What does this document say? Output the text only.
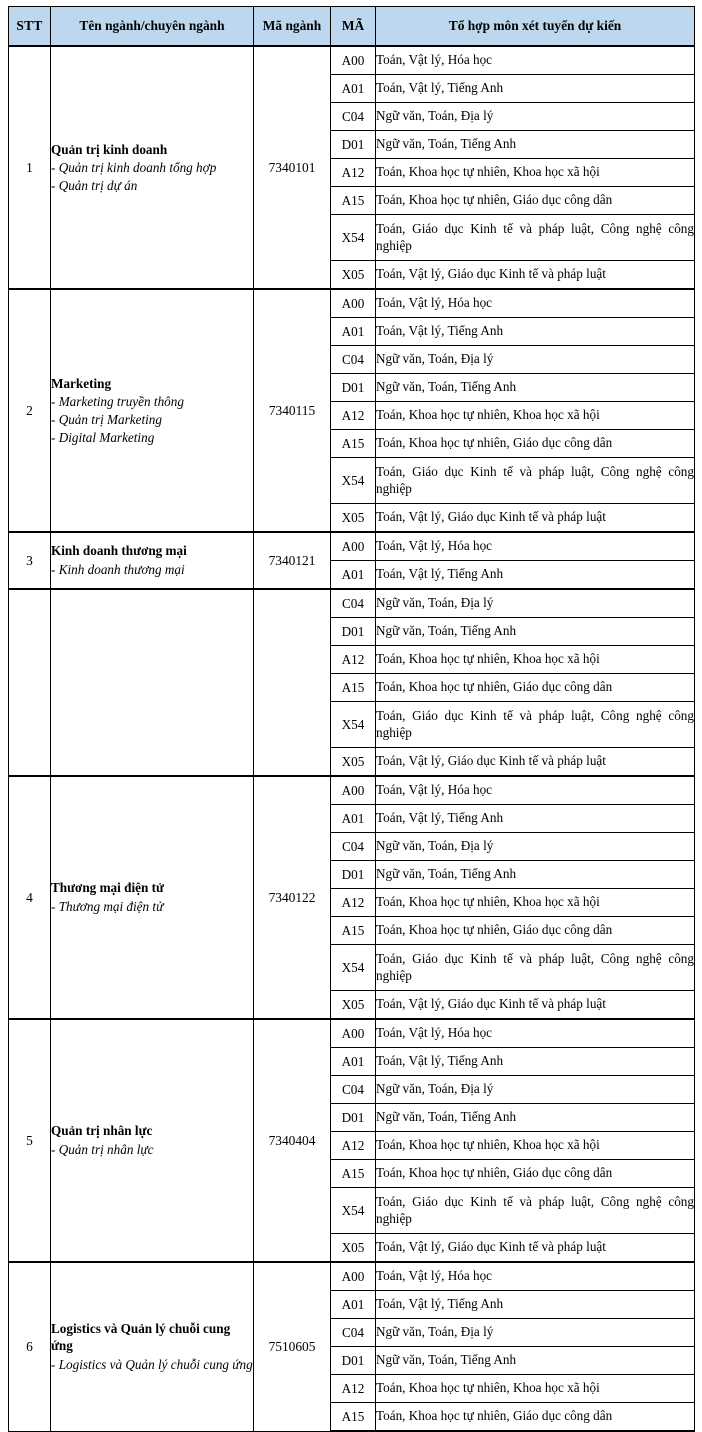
STT	Tên ngành/chuyên ngành	Mã ngành	MÃ	Tổ hợp môn xét tuyển dự kiến
1	Quản trị kinh doanh
- Quản trị kinh doanh tổng hợp
- Quản trị dự án	7340101	A00	Toán, Vật lý, Hóa học
			A01	Toán, Vật lý, Tiếng Anh
			C04	Ngữ văn, Toán, Địa lý
			D01	Ngữ văn, Toán, Tiếng Anh
			A12	Toán, Khoa học tự nhiên, Khoa học xã hội
			A15	Toán, Khoa học tự nhiên, Giáo dục công dân
			X54	Toán, Giáo dục Kinh tế và pháp luật, Công nghệ công nghiệp
			X05	Toán, Vật lý, Giáo dục Kinh tế và pháp luật
2	Marketing
- Marketing truyền thông
- Quản trị Marketing
- Digital Marketing	7340115	A00	Toán, Vật lý, Hóa học
			A01	Toán, Vật lý, Tiếng Anh
			C04	Ngữ văn, Toán, Địa lý
			D01	Ngữ văn, Toán, Tiếng Anh
			A12	Toán, Khoa học tự nhiên, Khoa học xã hội
			A15	Toán, Khoa học tự nhiên, Giáo dục công dân
			X54	Toán, Giáo dục Kinh tế và pháp luật, Công nghệ công nghiệp
			X05	Toán, Vật lý, Giáo dục Kinh tế và pháp luật
3	Kinh doanh thương mại
- Kinh doanh thương mại	7340121	A00	Toán, Vật lý, Hóa học
			A01	Toán, Vật lý, Tiếng Anh
			C04	Ngữ văn, Toán, Địa lý
			D01	Ngữ văn, Toán, Tiếng Anh
			A12	Toán, Khoa học tự nhiên, Khoa học xã hội
			A15	Toán, Khoa học tự nhiên, Giáo dục công dân
			X54	Toán, Giáo dục Kinh tế và pháp luật, Công nghệ công nghiệp
			X05	Toán, Vật lý, Giáo dục Kinh tế và pháp luật
4	Thương mại điện tử
- Thương mại điện tử	7340122	A00	Toán, Vật lý, Hóa học
			A01	Toán, Vật lý, Tiếng Anh
			C04	Ngữ văn, Toán, Địa lý
			D01	Ngữ văn, Toán, Tiếng Anh
			A12	Toán, Khoa học tự nhiên, Khoa học xã hội
			A15	Toán, Khoa học tự nhiên, Giáo dục công dân
			X54	Toán, Giáo dục Kinh tế và pháp luật, Công nghệ công nghiệp
			X05	Toán, Vật lý, Giáo dục Kinh tế và pháp luật
5	Quản trị nhân lực
- Quản trị nhân lực	7340404	A00	Toán, Vật lý, Hóa học
			A01	Toán, Vật lý, Tiếng Anh
			C04	Ngữ văn, Toán, Địa lý
			D01	Ngữ văn, Toán, Tiếng Anh
			A12	Toán, Khoa học tự nhiên, Khoa học xã hội
			A15	Toán, Khoa học tự nhiên, Giáo dục công dân
			X54	Toán, Giáo dục Kinh tế và pháp luật, Công nghệ công nghiệp
			X05	Toán, Vật lý, Giáo dục Kinh tế và pháp luật
6	Logistics và Quản lý chuỗi cung ứng
- Logistics và Quản lý chuỗi cung ứng	7510605	A00	Toán, Vật lý, Hóa học
			A01	Toán, Vật lý, Tiếng Anh
			C04	Ngữ văn, Toán, Địa lý
			D01	Ngữ văn, Toán, Tiếng Anh
			A12	Toán, Khoa học tự nhiên, Khoa học xã hội
			A15	Toán, Khoa học tự nhiên, Giáo dục công dân
